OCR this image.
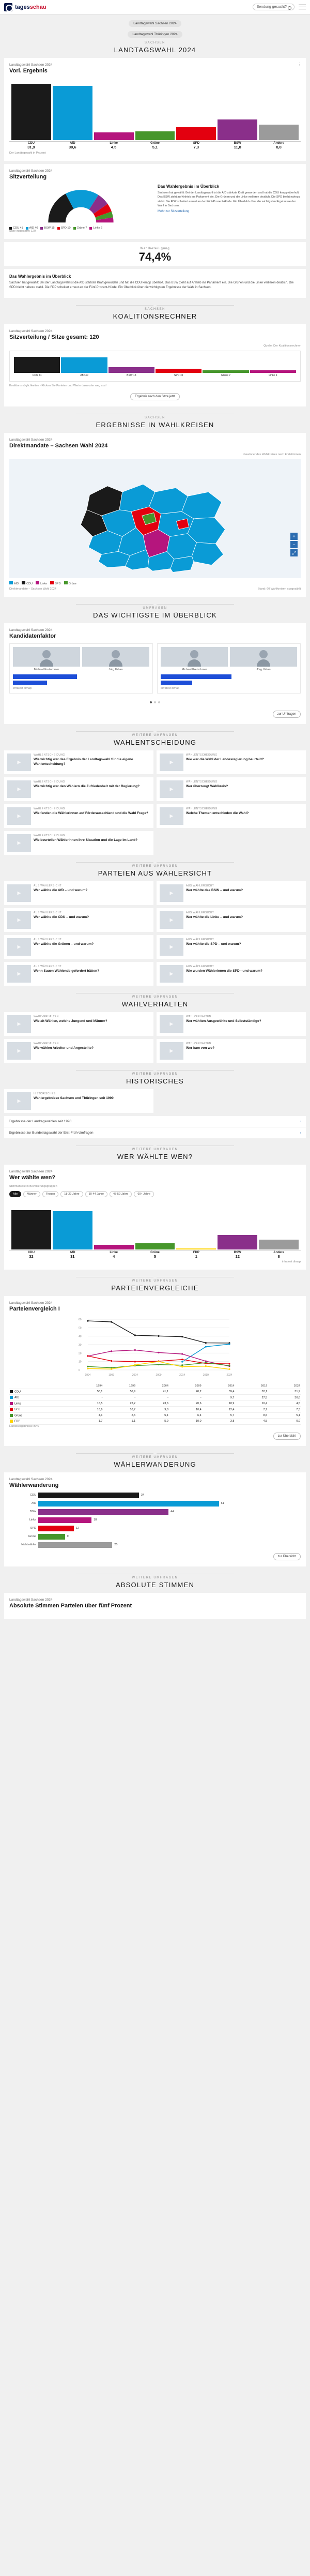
tagesschau	Sendung gesucht?
Landtagswahl Sachsen 2024
Landtagswahl Thüringen 2024
SACHSEN
LANDTAGSWAHL 2024
⋮
Landtagswahl Sachsen 2024
Vorl. Ergebnis
CDU
31,9
AfD
30,6
Linke
4,5
Grüne
5,1
SPD
7,3
BSW
11,8
Andere
8,8
Der Landtagswahl in Prozent
Landtagswahl Sachsen 2024
Sitzverteilung
CDU 41	AfD 40	BSW 15	SPD 10	Grüne 7	Linke 6
Sitze insgesamt: 120
Das Wahlergebnis im Überblick

Sachsen hat gewählt: Bei der Landtagswahl ist die AfD stärkste Kraft geworden und hat die CDU knapp überholt. Das BSW zieht auf Anhieb ins Parlament ein. Die Grünen und die Linke verlieren deutlich. Die SPD bleibt nahezu stabil. Die FDP scheitert erneut an der Fünf-Prozent-Hürde. Ein Überblick über die wichtigsten Ergebnisse der Wahl in Sachsen.

Mehr zur Sitzverteilung
Wahlbeteiligung
74,4%
Das Wahlergebnis im Überblick

Sachsen hat gewählt: Bei der Landtagswahl ist die AfD stärkste Kraft geworden und hat die CDU knapp überholt. Das BSW zieht auf Anhieb ins Parlament ein. Die Grünen und die Linke verlieren deutlich. Die SPD bleibt nahezu stabil. Die FDP scheitert erneut an der Fünf-Prozent-Hürde. Ein Überblick über die wichtigsten Ergebnisse der Wahl in Sachsen.

SACHSEN
KOALITIONSRECHNER
Landtagswahl Sachsen 2024
Sitzverteilung / Sitze gesamt: 120
Quelle: Der Koalitionsrechner
CDU 41	AfD 40	BSW 15	SPD 10	Grüne 7	Linke 6
Koalitionsmöglichkeiten - Klicken Sie Parteien und Werte dazu oder weg aus!
Ergebnis nach den Sitze jetzt
SACHSEN
ERGEBNISSE IN WAHLKREISEN
Landtagswahl Sachsen 2024
Direktmandate – Sachsen Wahl 2024
Gewinner des Wahlkreises nach Erststimmen
+
−
⤢
AfD	CDU	Linke	SPD	Grüne
Direktmandate – Sachsen Wahl 2024	Stand: 60 Wahlkreisen ausgezählt
UMFRAGEN
DAS WICHTIGSTE IM ÜBERBLICK
Landtagswahl Sachsen 2024
Kandidatenfaktor
Michael Kretschmer	Jörg Urban
infratest dimap
Michael Kretschmer	Jörg Urban
infratest dimap
zur Umfragen
WEITERE UMFRAGEN
WAHLENTSCHEIDUNG
▶
WAHLENTSCHEIDUNG
Wie wichtig war das Ergebnis der Landtagswahl für die eigene Wahlentscheidung?
▶
WAHLENTSCHEIDUNG
Wie war die Wahl der Landesregierung beurteilt?
▶
WAHLENTSCHEIDUNG
Wie wichtig war den Wählern die Zufriedenheit mit der Regierung?
▶
WAHLENTSCHEIDUNG
Wer überzeugt Wahlkreis?
▶
WAHLENTSCHEIDUNG
Wie fanden die Wählerinnen auf Förderausschland und die Wahl Frage?
▶
WAHLENTSCHEIDUNG
Welche Themen entschieden die Wahl?
▶
WAHLENTSCHEIDUNG
Wie beurteilen Wählerinnen ihre Situation und die Lage im Land?
WEITERE UMFRAGEN
PARTEIEN AUS WÄHLERSICHT
▶
AUS WÄHLERSICHT
Wer wählte die AfD – und warum?
▶
AUS WÄHLERSICHT
Wer wählte das BSW – und warum?
▶
AUS WÄHLERSICHT
Wer wählte die CDU – und warum?
▶
AUS WÄHLERSICHT
Wer wählte die Linke – und warum?
▶
AUS WÄHLERSICHT
Wer wählte die Grünen – und warum?
▶
AUS WÄHLERSICHT
Wer wählte die SPD – und warum?
▶
AUS WÄHLERSICHT
Wenn Sauen Wählende gefordert hätten?
▶
AUS WÄHLERSICHT
Wie wurden Wählerinnen die SPD - und warum?
WEITERE UMFRAGEN
WAHLVERHALTEN
▶
WAHLVERHALTEN
Wie alt Wählen, welche Jungend und Männer?
▶
WAHLVERHALTEN
Wer wählten Ausgewählte und Selbstständige?
▶
WAHLVERHALTEN
Wie wählen Arbeiter und Angestellte?
▶
WAHLVERHALTEN
Wer kam von wo?
WEITERE UMFRAGEN
HISTORISCHES
▶
HISTORISCHES
Wahlergebnisse Sachsen und Thüringen seit 1990
Ergebnisse der Landtagswahlen seit 1990	›
Ergebnisse zur Bundestagswahl der Erst-Früh-Umfragen	›
WEITERE UMFRAGEN
WER WÄHLTE WEN?
Landtagswahl Sachsen 2024
Wer wählte wen?
Stimmanteile in Bevölkerungsgruppen
Alle	Männer	Frauen	18-29 Jahre	30-44 Jahre	45-59 Jahre	60+ Jahre
CDU
32
AfD
31
Linke
4
Grüne
5
FDP
1
BSW
12
Andere
8
infratest dimap
WEITERE UMFRAGEN
PARTEIENVERGLEICHE
Landtagswahl Sachsen 2024
Parteienvergleich I
0
10
20
30
40
50
60
1994	1999	2004	2009	2014	2019	2024
	1994	1999	2004	2009	2014	2019	2024
CDU	58,1	56,9	41,1	40,2	39,4	32,1	31,9
AfD	-	-	-	-	9,7	27,5	30,6
Linke	16,5	22,2	23,6	20,6	18,9	10,4	4,5
SPD	16,6	10,7	9,8	10,4	12,4	7,7	7,3
Grüne	4,1	2,6	5,1	6,4	5,7	8,6	5,1
FDP	1,7	1,1	5,9	10,0	3,8	4,5	0,9
Landesergebnisse in %
zur Übersicht
WEITERE UMFRAGEN
WÄHLERWANDERUNG
Landtagswahl Sachsen 2024
Wählerwanderung
CDU	34
AfD	61
BSW	44
Linke	18
SPD	12
Grüne	9
Nichtwähler	25
zur Übersicht
WEITERE UMFRAGEN
ABSOLUTE STIMMEN
Landtagswahl Sachsen 2024
Absolute Stimmen Parteien über fünf Prozent
